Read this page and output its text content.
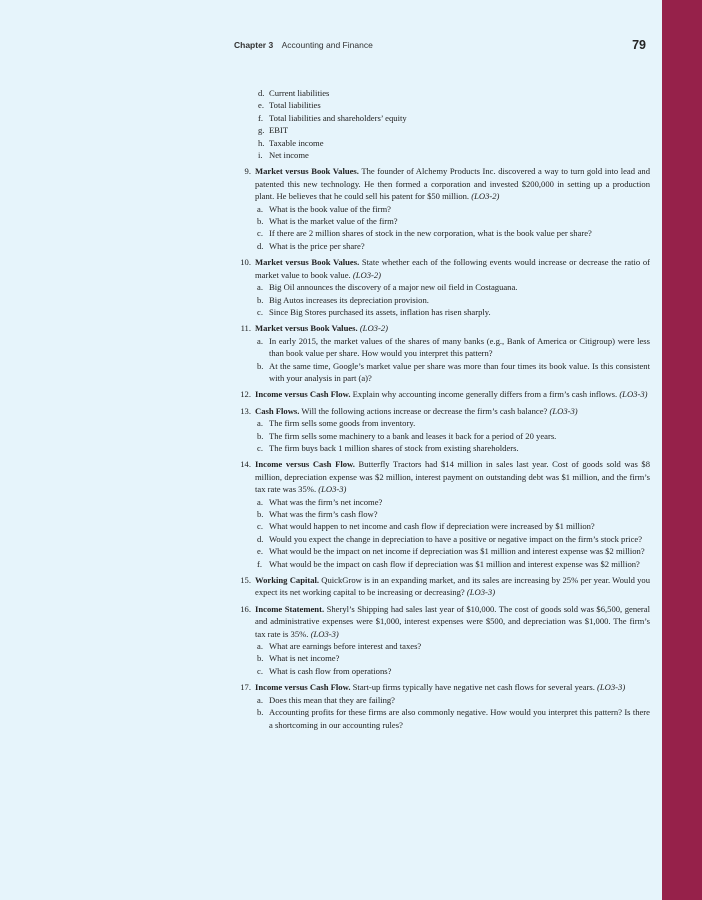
Chapter 3 Accounting and Finance	79
d. Current liabilities
e. Total liabilities
f. Total liabilities and shareholders’ equity
g. EBIT
h. Taxable income
i. Net income
9. Market versus Book Values. The founder of Alchemy Products Inc. discovered a way to turn gold into lead and patented this new technology. He then formed a corporation and invested $200,000 in setting up a production plant. He believes that he could sell his patent for $50 million. (LO3-2)
a. What is the book value of the firm?
b. What is the market value of the firm?
c. If there are 2 million shares of stock in the new corporation, what is the book value per share?
d. What is the price per share?
10. Market versus Book Values. State whether each of the following events would increase or decrease the ratio of market value to book value. (LO3-2)
a. Big Oil announces the discovery of a major new oil field in Costaguana.
b. Big Autos increases its depreciation provision.
c. Since Big Stores purchased its assets, inflation has risen sharply.
11. Market versus Book Values. (LO3-2)
a. In early 2015, the market values of the shares of many banks (e.g., Bank of America or Citigroup) were less than book value per share. How would you interpret this pattern?
b. At the same time, Google’s market value per share was more than four times its book value. Is this consistent with your analysis in part (a)?
12. Income versus Cash Flow. Explain why accounting income generally differs from a firm’s cash inflows. (LO3-3)
13. Cash Flows. Will the following actions increase or decrease the firm’s cash balance? (LO3-3)
a. The firm sells some goods from inventory.
b. The firm sells some machinery to a bank and leases it back for a period of 20 years.
c. The firm buys back 1 million shares of stock from existing shareholders.
14. Income versus Cash Flow. Butterfly Tractors had $14 million in sales last year. Cost of goods sold was $8 million, depreciation expense was $2 million, interest payment on outstanding debt was $1 million, and the firm’s tax rate was 35%. (LO3-3)
a. What was the firm’s net income?
b. What was the firm’s cash flow?
c. What would happen to net income and cash flow if depreciation were increased by $1 million?
d. Would you expect the change in depreciation to have a positive or negative impact on the firm’s stock price?
e. What would be the impact on net income if depreciation was $1 million and interest expense was $2 million?
f. What would be the impact on cash flow if depreciation was $1 million and interest expense was $2 million?
15. Working Capital. QuickGrow is in an expanding market, and its sales are increasing by 25% per year. Would you expect its net working capital to be increasing or decreasing? (LO3-3)
16. Income Statement. Sheryl’s Shipping had sales last year of $10,000. The cost of goods sold was $6,500, general and administrative expenses were $1,000, interest expenses were $500, and depreciation was $1,000. The firm’s tax rate is 35%. (LO3-3)
a. What are earnings before interest and taxes?
b. What is net income?
c. What is cash flow from operations?
17. Income versus Cash Flow. Start-up firms typically have negative net cash flows for several years. (LO3-3)
a. Does this mean that they are failing?
b. Accounting profits for these firms are also commonly negative. How would you interpret this pattern? Is there a shortcoming in our accounting rules?
